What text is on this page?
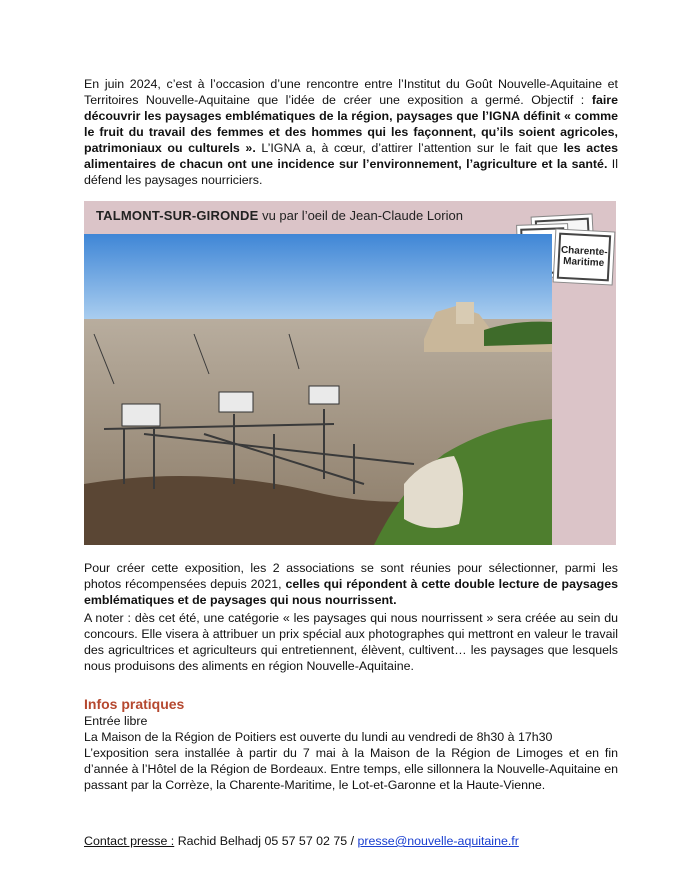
En juin 2024, c’est à l’occasion d’une rencontre entre l’Institut du Goût Nouvelle-Aquitaine et Territoires Nouvelle-Aquitaine que l’idée de créer une exposition a germé. Objectif : faire découvrir les paysages emblématiques de la région, paysages que l’IGNA définit « comme le fruit du travail des femmes et des hommes qui les façonnent, qu’ils soient agricoles, patrimoniaux ou culturels ». L’IGNA a, à cœur, d’attirer l’attention sur le fait que les actes alimentaires de chacun ont une incidence sur l’environnement, l’agriculture et la santé. Il défend les paysages nourriciers.
TALMONT-SUR-GIRONDE vu par l’oeil de Jean-Claude Lorion
Charente-Maritime
Pour créer cette exposition, les 2 associations se sont réunies pour sélectionner, parmi les photos récompensées depuis 2021, celles qui répondent à cette double lecture de paysages emblématiques et de paysages qui nous nourrissent.
A noter : dès cet été, une catégorie « les paysages qui nous nourrissent » sera créée au sein du concours. Elle visera à attribuer un prix spécial aux photographes qui mettront en valeur le travail des agricultrices et agriculteurs qui entretiennent, élèvent, cultivent… les paysages que lesquels nous produisons des aliments en région Nouvelle-Aquitaine.
Infos pratiques
Entrée libre
La Maison de la Région de Poitiers est ouverte du lundi au vendredi de 8h30 à 17h30
L’exposition sera installée à partir du 7 mai à la Maison de la Région de Limoges et en fin d’année à l’Hôtel de la Région de Bordeaux. Entre temps, elle sillonnera la Nouvelle-Aquitaine en passant par la Corrèze, la Charente-Maritime, le Lot-et-Garonne et la Haute-Vienne.
Contact presse : Rachid Belhadj 05 57 57 02 75 / presse@nouvelle-aquitaine.fr
